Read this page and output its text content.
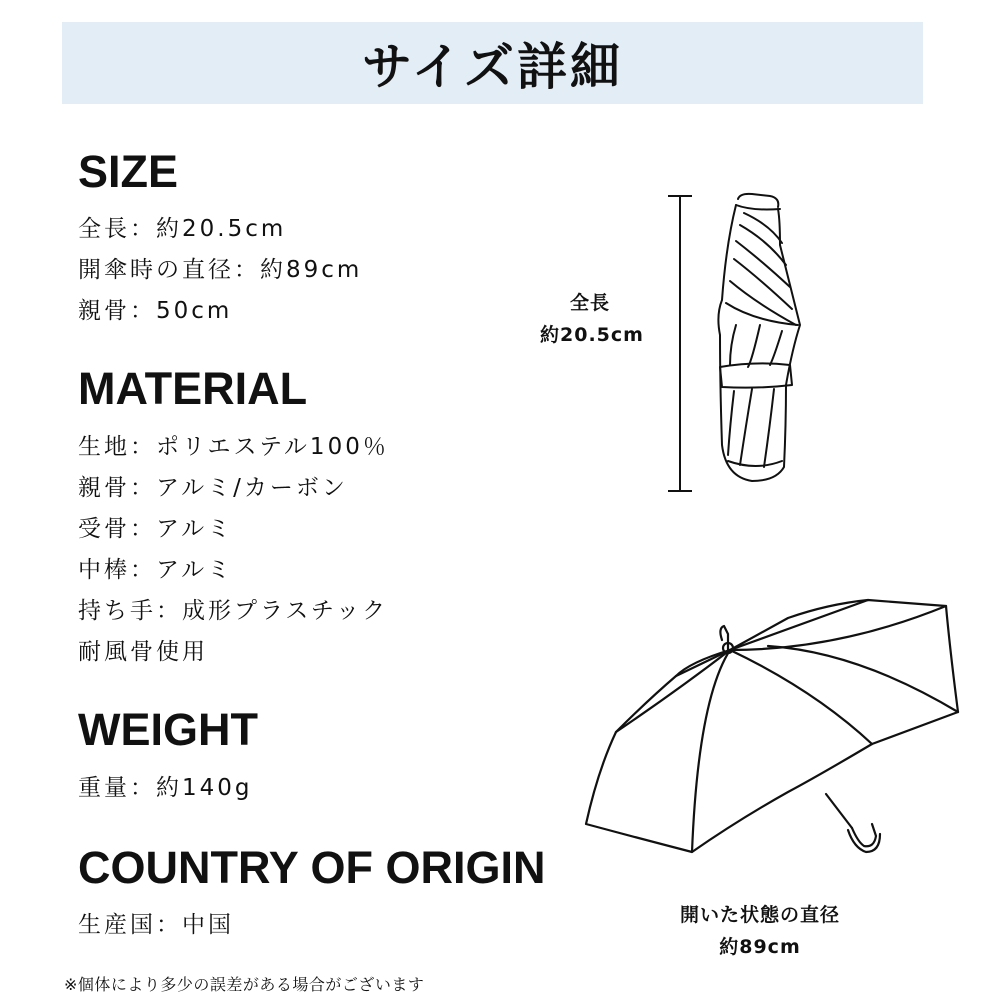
サイズ詳細
SIZE
全長：約20.5cm
開傘時の直径：約89cm
親骨：50cm
MATERIAL
生地：ポリエステル100％
親骨：アルミ/カーボン
受骨：アルミ
中棒：アルミ
持ち手：成形プラスチック
耐風骨使用
WEIGHT
重量：約140g
COUNTRY OF ORIGIN
生産国：中国
全長
約20.5cm
開いた状態の直径
約89cm
※個体により多少の誤差がある場合がございます
